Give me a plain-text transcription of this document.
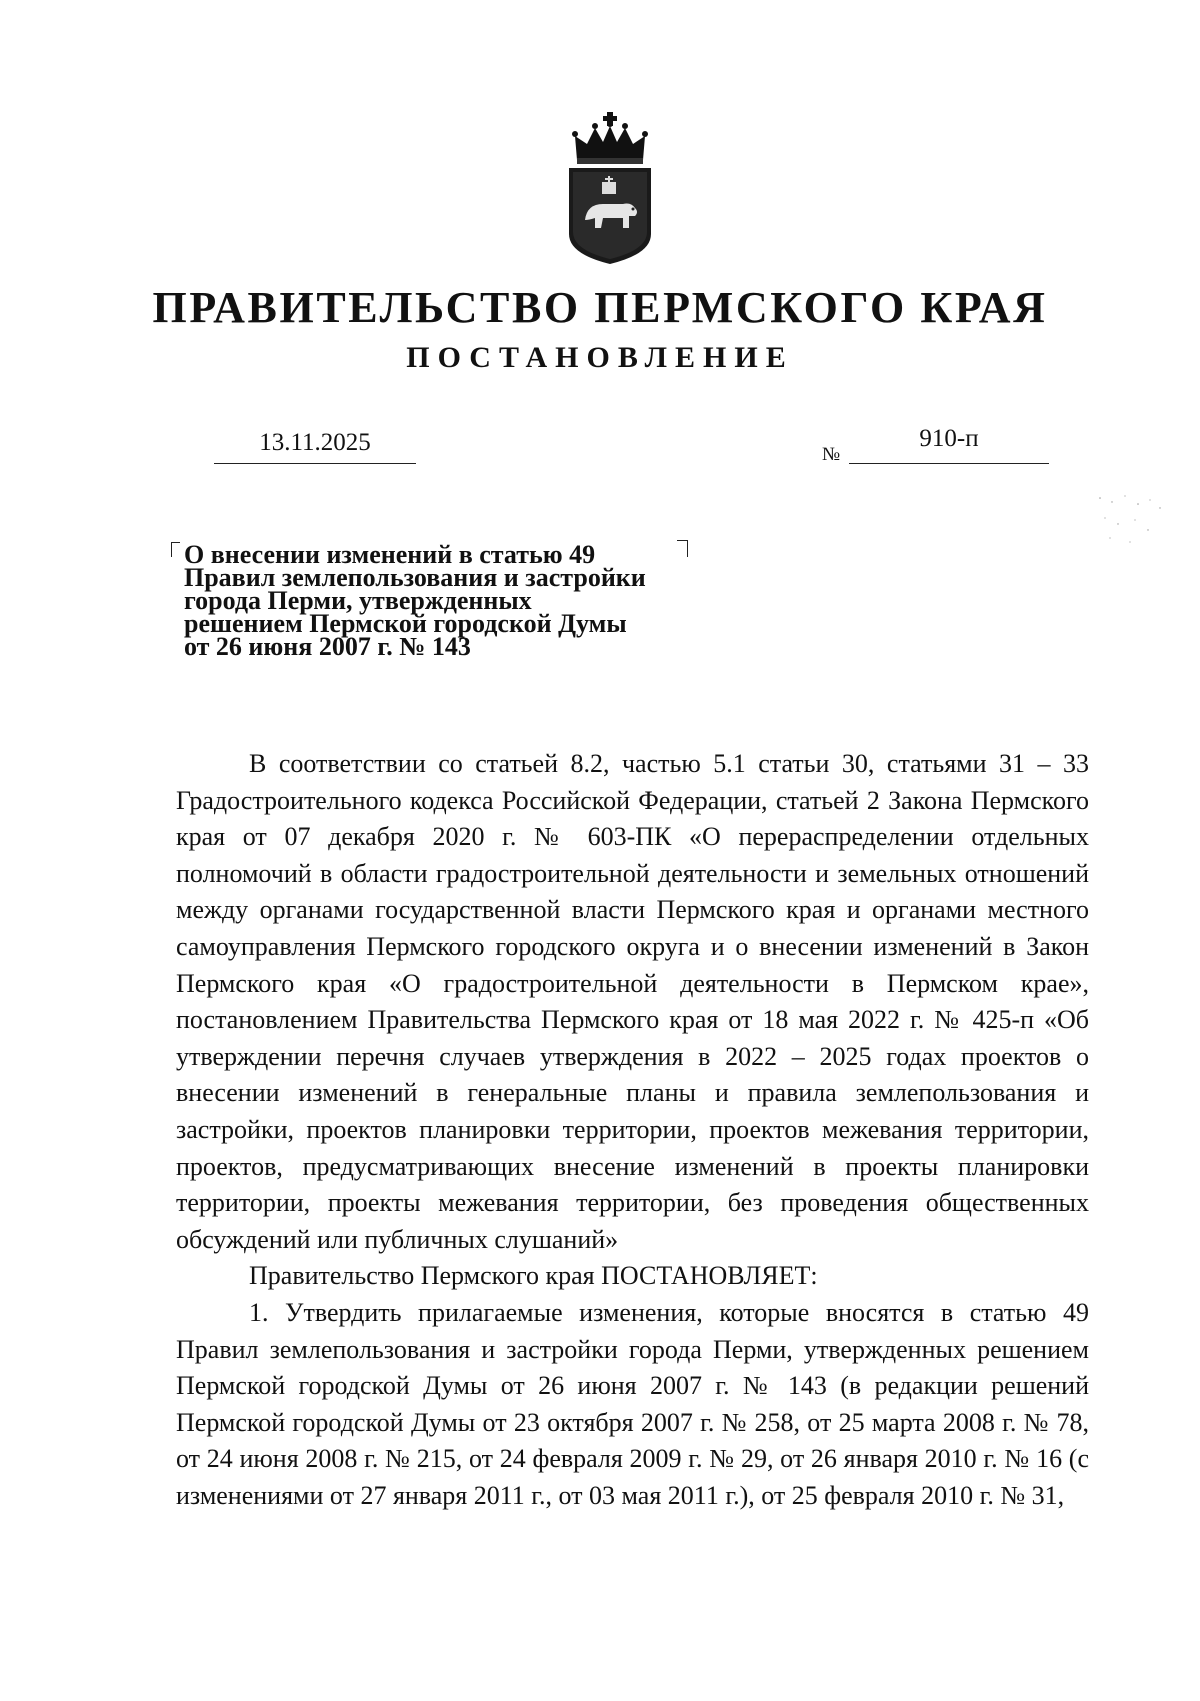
ПРАВИТЕЛЬСТВО ПЕРМСКОГО КРАЯ
ПОСТАНОВЛЕНИЕ
13.11.2025	№
910-п
О внесении изменений в статью 49
Правил землепользования и застройки
города Перми, утвержденных
решением Пермской городской Думы
от 26 июня 2007 г. № 143

В соответствии со статьей 8.2, частью 5.1 статьи 30, статьями 31 – 33 Градостроительного кодекса Российской Федерации, статьей 2 Закона Пермского края от 07 декабря 2020 г. № 603-ПК «О перераспределении отдельных полномочий в области градостроительной деятельности и земельных отношений между органами государственной власти Пермского края и органами местного самоуправления Пермского городского округа и о внесении изменений в Закон Пермского края «О градостроительной деятельности в Пермском крае», постановлением Правительства Пермского края от 18 мая 2022 г. № 425-п «Об утверждении перечня случаев утверждения в 2022 – 2025 годах проектов о внесении изменений в генеральные планы и правила землепользования и застройки, проектов планировки территории, проектов межевания территории, проектов, предусматривающих внесение изменений в проекты планировки территории, проекты межевания территории, без проведения общественных обсуждений или публичных слушаний»

Правительство Пермского края ПОСТАНОВЛЯЕТ:

1. Утвердить прилагаемые изменения, которые вносятся в статью 49 Правил землепользования и застройки города Перми, утвержденных решением Пермской городской Думы от 26 июня 2007 г. № 143 (в редакции решений Пермской городской Думы от 23 октября 2007 г. № 258, от 25 марта 2008 г. № 78, от 24 июня 2008 г. № 215, от 24 февраля 2009 г. № 29, от 26 января 2010 г. № 16 (с изменениями от 27 января 2011 г., от 03 мая 2011 г.), от 25 февраля 2010 г. № 31,
